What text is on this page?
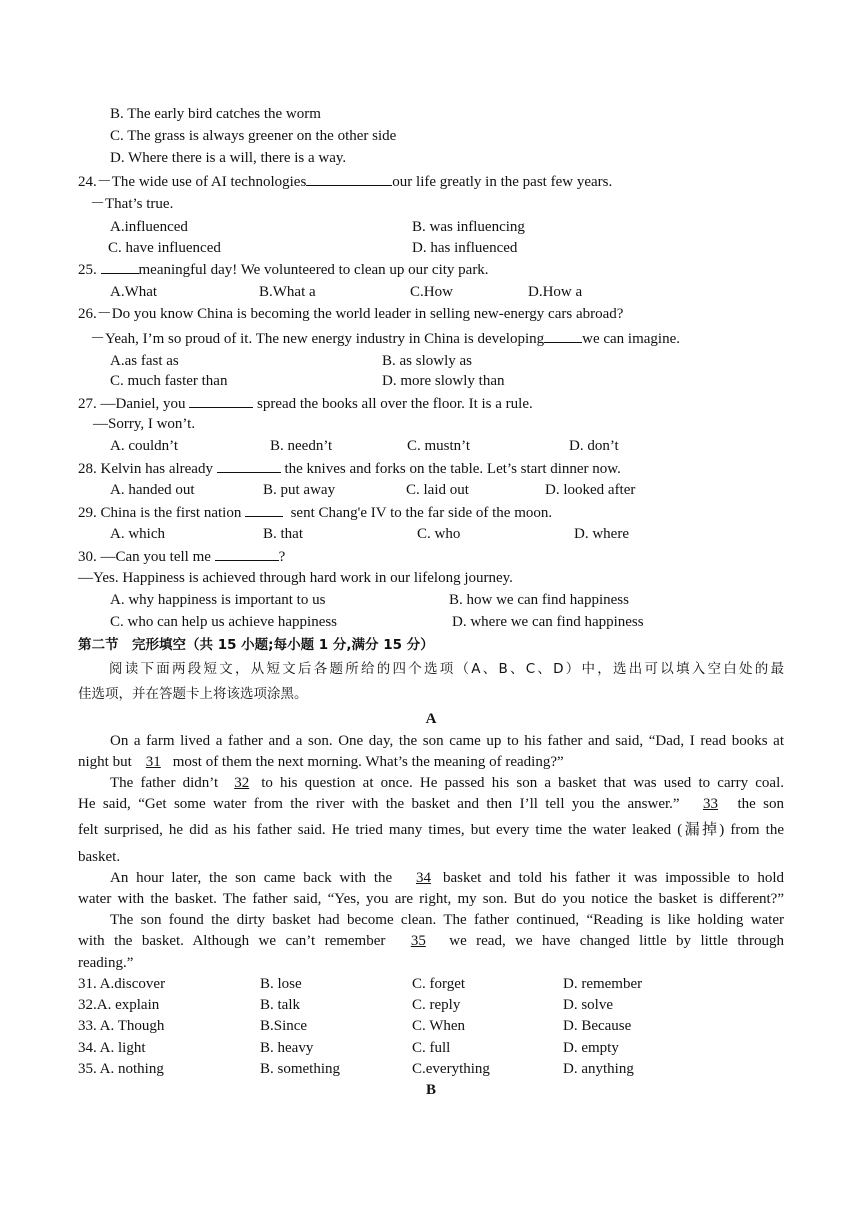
B. The early bird catches the worm
C. The grass is always greener on the other side
D. Where there is a will, there is a way.
24.－The wide use of AI technologies	our life greatly in the past few years.
－That’s true.
A.influenced	B. was influencing
C. have influenced	D. has influenced
25.	meaningful day! We volunteered to clean up our city park.
A.What	B.What a	C.How	D.How a
26.－Do you know China is becoming the world leader in selling new-energy cars abroad?
－Yeah, I’m so proud of it. The new energy industry in China is developing	we can imagine.
A.as fast as	B. as slowly as
C. much faster than	D. more slowly than
27. —Daniel, you	spread the books all over the floor. It is a rule.
—Sorry, I won’t.
A. couldn’t	B. needn’t	C. mustn’t	D. don’t
28. Kelvin has already	the knives and forks on the table. Let’s start dinner now.
A. handed out	B. put away	C. laid out	D. looked after
29. China is the first nation	sent Chang'e IV to the far side of the moon.
A. which	B. that	C. who	D. where
30. —Can you tell me	?
—Yes. Happiness is achieved through hard work in our lifelong journey.
A. why happiness is important to us	B. how we can find happiness
C. who can help us achieve happiness	D. where we can find happiness
第二节　完形填空（共 15 小题;每小题 1 分,满分 15 分）
阅读下面两段短文，从短文后各题所给的四个选项（A、B、C、D）中，选出可以填入空白处的最
佳选项，并在答题卡上将该选项涂黑。
A
On a farm lived a father and a son. One day, the son came up to his father and said, “Dad, I read books at
night but 31 most of them the next morning. What’s the meaning of reading?”
The father didn’t 32 to his question at once. He passed his son a basket that was used to carry coal.
He said, “Get some water from the river with the basket and then I’ll tell you the answer.” 33 the son
felt surprised, he did as his father said. He tried many times, but every time the water leaked (漏掉) from the
basket.
An hour later, the son came back with the 34 basket and told his father it was impossible to hold
water with the basket. The father said, “Yes, you are right, my son. But do you notice the basket is different?”
The son found the dirty basket had become clean. The father continued, “Reading is like holding water
with the basket. Although we can’t remember 35 we read, we have changed little by little through
reading.”
31. A.discover	B. lose	C. forget	D. remember
32.A. explain	B. talk	C. reply	D. solve
33. A. Though	B.Since	C. When	D. Because
34. A. light	B. heavy	C. full	D. empty
35. A. nothing	B. something	C.everything	D. anything
B
